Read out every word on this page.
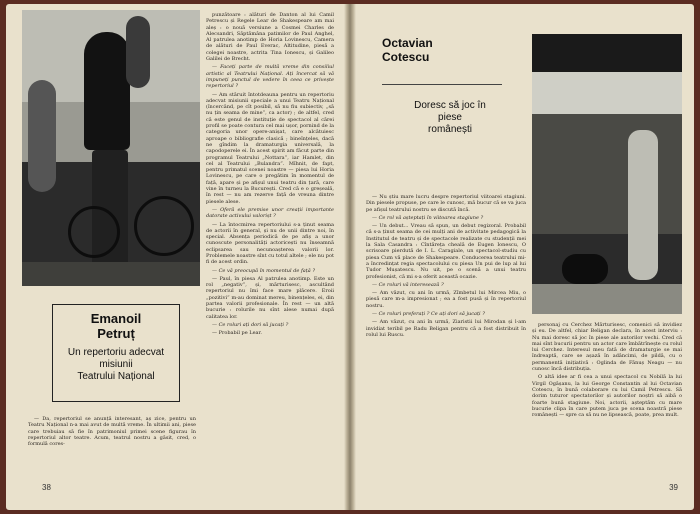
punzătoare : alături de Danton al lui Camil Petrescu și Regele Lear de Shakespeare am mai aleș : o nouă versiune a Cosmei Charles de Alecsandri, Săptămâna patimilor de Paul Anghel, Al patrulea anotimp de Horia Lovinescu, Camera de alături de Paul Everac, Altitudine, piesă a colegei noastre, actrita Tina Ionescu, și Galileo Galilei de Brecht.

— Faceți parte de multă vreme din consiliul artistic al Teatrului Național. Ați încercat să vă impuneți punctul de vedere în ceea ce privește repertoriul ?

— Am stăruit întotdeauna pentru un repertoriu adecvat misiunii speciale a unui Teatru Național (încercând, pe cît posibil, să nu fiu subiectiv, „să nu țin seama de mine”, ca actor) ; de altfel, cred că este genul de instituție de spectacol al cărei profil se poate contura cel mai ușor, pornind de la categoria unor opere-anișat, care alcătuiesc aproape o bibliografie clasică ; bineînțeles, dacă ne gîndim la dramaturgia universală, la capodoperele ei. În acest spirit am făcut parte din programul Teatrului „Nottara”, iar Hamlet, din cel al Teatrului „Bulandra”. Mîhnit, de fapt, pentru primatul scenei noastre — piesa lui Horia Lovinescu, pe care o pregătim în momentul de față, apare și pe afișul unui teatru din țară, care vine în turneu la București. Cred că e o greșeală, în rest — nu am rezerve față de vreuna dintre piesele alese.

— Oferă ele premise unor creații importante datorate activului valorișt ?

— La întocmirea repertoriului s-a ținut seama de actorii în general, și nu de unii dintre noi, în special. Absența periodică de pe afiș a unor cunoscute personalități actoricești nu înseamnă eclipsarea sau necunoașterea valorii lor. Problemele noastre sînt cu totul altele ; ele nu pot fi de acest ordin.

— Ce vă preocupă în momentul de față ?

— Paul, în piesa Al patrulea anotimp. Este un rol „negativ”, și, mărturisesc, ascultând repertoriul nu îmi face mare plăcere. Eroii „pozitivi” m-au dominat mereu, binențeles, ei, din partea valorii profesionale. În rest — un altă bucurie : rolurile nu sînt alese numai după calitatea lor.

— Ce roluri ați dori să jucați ?

— Probabil pe Lear.

Emanoil
Petruț
Un repertoriu adecvat
misiunii
Teatrului Național

— Da, repertoriul se anunță interesant, aș zice, pentru un Teatru Național n-a mai avut de multă vreme. În ultimii ani, piese care trebuiau să fie în patrimoniul primei scene figurau în repertoriul altor teatre. Acum, teatrul nostru a găsit, cred, o formulă cores-

38
Octavian
Cotescu
Doresc să joc în
piese
românești

— Nu știu mare lucru despre repertoriul viitoarei stagiuni. Din piesele propuse, pe care le cunosc, mă bucur că se va juca pe afișul teatrului nostru se discută încă.

— Ce rol vă așteptați în viitoarea stagiune ?

— Un debut... Vreau să spun, un debut regizoral. Probabil că s-a ținut seama de cei mulți ani de activitate pedagogică la Institutul de teatru și de spectacole realizate cu studenții mei la Sala Casandra : Cîntăreța cheală de Eugen Ionescu, O scrisoare pierdută de I. L. Caragiale, un spectacol-studiu cu piesa Cum vă place de Shakespeare. Conducerea teatrului mi-a încredințat regia spectacolului cu piesa Un pui de lup al lui Tudor Mușatescu. Nu uit, pe o scenă a unui teatru profesionist, că mi s-a oferit această ocazie.

— Ce roluri vă interesează ?

— Am văzut, cu ani în urmă, Zîmbetul lui Mircea Miu, o piesă care m-a impresionat ; ea a fost pusă și în repertoriul nostru.

— Ce roluri preferați ? Ce ați dori să jucați ?

— Am văzut, cu ani în urmă, Ziaristii lui Mirodan și l-am invidiat teribil pe Radu Beligan pentru că a fost distribuit în rolul lui Ruscu.

personaj cu Cerchez Mărturisesc, comenici să invidiez și eu. De altfel, chiar Beligan declara, în acest interviu : Nu mai doresc să joc în piese ale autorilor vechi. Cred că mai sînt bucurii pentru un actor care îmbătrînește cu rolul lui Cerchez. Interesul meu fată de dramaturgie se mai îndreaptă, care se așază în adâncimi, de pildă, cu o permanentă inițiativă : Oglinda de Fănuș Neagu — nu cunosc încă distribuția.

O altă idee ar fi cea a unui spectacol cu Nobilă la lui Virgil Ogășanu, la lui George Constantin al lui Octavian Cotescu, în bună colaborare cu lui Camil Petrescu. Să dorim tuturor spectatorilor și autorilor noștri să aibă o foarte bună stagiune. Noi, actorii, așteptăm cu mare bucurie clipa în care putem juca pe scena noastră piese românești — spre ca să nu ne lipsească, poate, prea mult.

39
